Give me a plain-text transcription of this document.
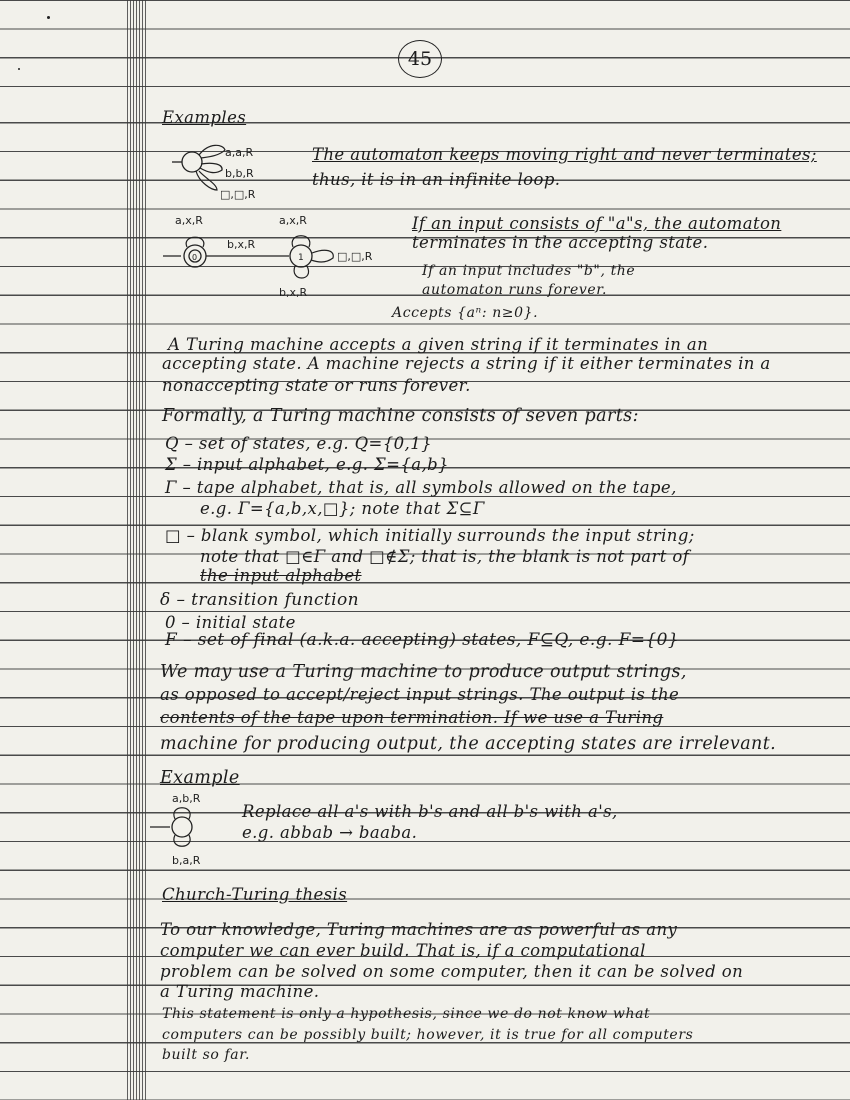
45
Examples
a,a,R
b,b,R
□,□,R
The automaton keeps moving right and never terminates;
thus, it is in an infinite loop.
0	1
a,x,R
b,x,R
a,x,R
□,□,R
b,x,R
If an input consists of "a"s, the automaton
terminates in the accepting state.
If an input includes "b", the
automaton runs forever.
Accepts {aⁿ: n≥0}.
A Turing machine accepts a given string if it terminates in an
accepting state. A machine rejects a string if it either terminates in a
nonaccepting state or runs forever.
Formally, a Turing machine consists of seven parts:
Q – set of states, e.g. Q={0,1}
Σ – input alphabet, e.g. Σ={a,b}
Γ – tape alphabet, that is, all symbols allowed on the tape,
e.g. Γ={a,b,x,□}; note that Σ⊆Γ
□ – blank symbol, which initially surrounds the input string;
note that □∈Γ and □∉Σ; that is, the blank is not part of
the input alphabet
δ – transition function
0 – initial state
F – set of final (a.k.a. accepting) states, F⊆Q, e.g. F={0}
We may use a Turing machine to produce output strings,
as opposed to accept/reject input strings. The output is the
contents of the tape upon termination. If we use a Turing
machine for producing output, the accepting states are irrelevant.
Example
a,b,R
b,a,R
Replace all a's with b's and all b's with a's,
e.g. abbab → baaba.
Church-Turing thesis
To our knowledge, Turing machines are as powerful as any
computer we can ever build. That is, if a computational
problem can be solved on some computer, then it can be solved on
a Turing machine.
This statement is only a hypothesis, since we do not know what
computers can be possibly built; however, it is true for all computers
built so far.
